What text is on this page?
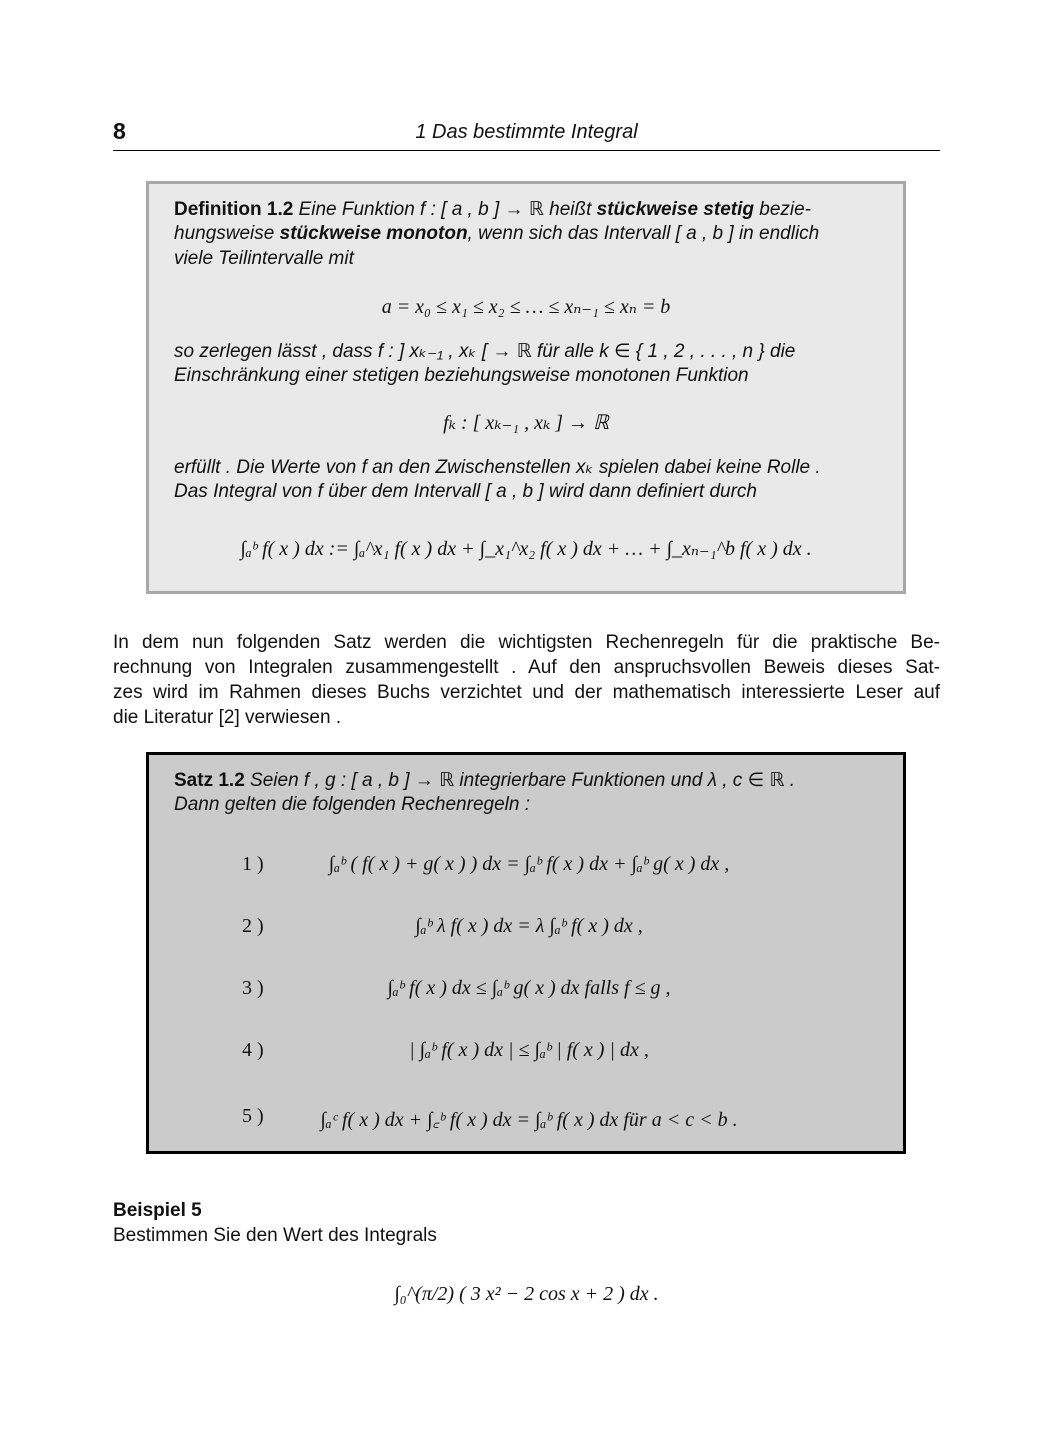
8	1 Das bestimmte Integral
Definition 1.2 Eine Funktion f : [ a , b ] → ℝ heißt stückweise stetig bezie-
hungsweise stückweise monoton, wenn sich das Intervall [ a , b ] in endlich
viele Teilintervalle mit
a = x₀ ≤ x₁ ≤ x₂ ≤ … ≤ xₙ₋₁ ≤ xₙ = b
so zerlegen lässt , dass f : ] xₖ₋₁ , xₖ [ → ℝ für alle k ∈ { 1 , 2 , . . . , n } die
Einschränkung einer stetigen beziehungsweise monotonen Funktion
fₖ : [ xₖ₋₁ , xₖ ] → ℝ
erfüllt . Die Werte von f an den Zwischenstellen xₖ spielen dabei keine Rolle .
Das Integral von f über dem Intervall [ a , b ] wird dann definiert durch
∫ₐᵇ f( x ) dx := ∫ₐ^x₁ f( x ) dx + ∫_x₁^x₂ f( x ) dx + … + ∫_xₙ₋₁^b f( x ) dx .
In dem nun folgenden Satz werden die wichtigsten Rechenregeln für die praktische Be-
rechnung von Integralen zusammengestellt . Auf den anspruchsvollen Beweis dieses Sat-
zes wird im Rahmen dieses Buchs verzichtet und der mathematisch interessierte Leser auf
die Literatur [2] verwiesen .
Satz 1.2 Seien f , g : [ a , b ] → ℝ integrierbare Funktionen und λ , c ∈ ℝ .
Dann gelten die folgenden Rechenregeln :
1 )	∫ₐᵇ ( f( x ) + g( x ) ) dx = ∫ₐᵇ f( x ) dx + ∫ₐᵇ g( x ) dx ,
2 )	∫ₐᵇ λ f( x ) dx = λ ∫ₐᵇ f( x ) dx ,
3 )	∫ₐᵇ f( x ) dx ≤ ∫ₐᵇ g( x ) dx falls f ≤ g ,
4 )	| ∫ₐᵇ f( x ) dx | ≤ ∫ₐᵇ | f( x ) | dx ,
5 )	∫ₐᶜ f( x ) dx + ∫꜀ᵇ f( x ) dx = ∫ₐᵇ f( x ) dx für a < c < b .
Beispiel 5
Bestimmen Sie den Wert des Integrals
∫₀^(π/2) ( 3 x² − 2 cos x + 2 ) dx .
